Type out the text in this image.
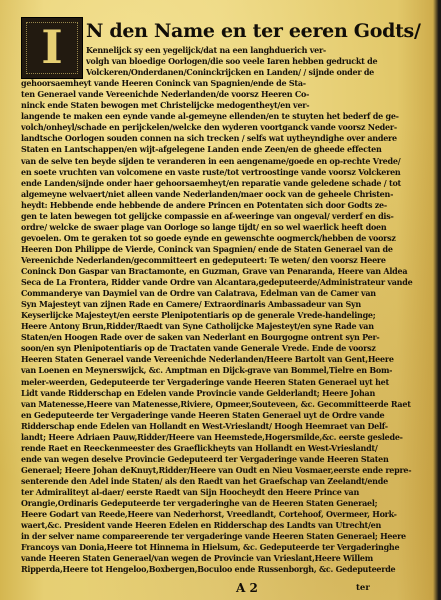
I	N den Name en ter eeren Godts/
Kennelijck sy een yegelijck/dat na een langhduerich ver-
volgh van bloedige Oorlogen/die soo veele Iaren hebben gedruckt de
Volckeren/Onderdanen/Coninckrijcken en Landen/ / sijnde onder de
gehoorsaemheyt vande Heeren Coninck van Spagnien/ende de Sta-
ten Generael vande Vereenichde Nederlanden/de voorsz Heeren Co-
ninck ende Staten bewogen met Christelijcke medogentheyt/en ver-
langende te maken een eynde vande al-gemeyne ellenden/en te stuyten het bederf de ge-
volch/onheyl/schade en perijckelen/welcke den wyderen voortganck vande voorsz Neder-
landtsche Oorlogen souden connen na sich trecken / selfs wat uytheyndighe over andere
Staten en Lantschappen/en wijt-afgelegene Landen ende Zeen/en de gheede effecten
van de selve ten beyde sijden te veranderen in een aengename/goede en op-rechte Vrede/
en soete vruchten van volcomene en vaste ruste/tot vertroostinge vande voorsz Volckeren
ende Landen/sijnde onder haer gehoorsaemheyt/en reparatie vande geledene schade / tot
algemeyne welvaert/niet alleen vande Nederlanden/maer oock van de geheele Christen-
heydt: Hebbende ende hebbende de andere Princen en Potentaten sich door Godts ze-
gen te laten bewegen tot gelijcke compassie en af-weeringe van ongeval/ verderf en dis-
ordre/ welcke de swaer plage van Oorloge so lange tijdt/ en so wel waerlick heeft doen
gevoelen. Om te geraken tot so goede eynde en gewenschte oogmerck/hebben de voorsz
Heeren Don Philippe de Vierde, Coninck van Spagnien/ ende de Staten Generael van de
Vereenichde Nederlanden/gecommitteert en gedeputeert: Te weten/ den voorsz Heere
Coninck Don Gaspar van Bractamonte, en Guzman, Grave van Penaranda, Heere van Aldea
Seca de La Frontera, Ridder vande Ordre van Alcantara,gedeputeerde/Administrateur vande
Commanderye van Daymiel van de Ordre van Calatrava, Edelman van de Camer van
Syn Majesteyt van zijnen Rade en Camere/ Extraordinaris Ambassadeur van Syn
Keyserlijcke Majesteyt/en eerste Plenipotentiaris op de generale Vrede-handelinge;
Heere Antony Brun,Ridder/Raedt van Syne Catholijcke Majesteyt/en syne Rade van
Staten/en Hoogen Rade over de saken van Nederlant en Bourgogne ontrent syn Per-
soon/en syn Plenipotentiaris op de Tractaten vande Generale Vrede. Ende de voorsz
Heeren Staten Generael vande Vereenichde Nederlanden/Heere Bartolt van Gent,Heere
van Loenen en Meynerswijck, &c. Amptman en Dijck-grave van Bommel,Tielre en Bom-
meler-weerden, Gedeputeerde ter Vergaderinge vande Heeren Staten Generael uyt het
Lidt vande Ridderschap en Edelen vande Provincie vande Gelderlandt; Heere Johan
van Matenesse,Heere van Matenesse,Riviere, Opmeer,Souteveen, &c. Gecommitteerde Raet
en Gedeputeerde ter Vergaderinge vande Heeren Staten Generael uyt de Ordre vande
Ridderschap ende Edelen van Hollandt en West-Vrieslandt/ Hoogh Heemraet van Delf-
landt; Heere Adriaen Pauw,Ridder/Heere van Heemstede,Hogersmilde,&c. eerste geslede-
rende Raet en Reeckenmeester des Graeflickheyts van Hollandt en West-Vrieslandt/
ende van wegen deselve Provincie Gedeputeerd ter Vergaderinge vande Heeren Staten
Generael; Heere Johan deKnuyt,Ridder/Heere van Oudt en Nieu Vosmaer,eerste ende repre-
senterende den Adel inde Staten/ als den Raedt van het Graefschap van Zeelandt/ende
ter Admiraliteyt al-daer/ eerste Raedt van Sijn Hoocheydt den Heere Prince van
Orangie,Ordinaris Gedeputeerde ter vergaderinghe van de Heeren Staten Generael;
Heere Godart van Reede,Heere van Nederhorst, Vreedlandt, Cortehoof, Overmeer, Hork-
waert,&c. President vande Heeren Edelen en Ridderschap des Landts van Utrecht/en
in der selver name compareerende ter vergaderinge vande Heeren Staten Generael; Heere
Francoys van Donia,Heere tot Hinnema in Hielsum, &c. Gedeputeerde ter Vergaderinghe
vande Heeren Staten Generael/van wegen de Provincie van Vrieslant,Heere Willem
Ripperda,Heere tot Hengeloo,Boxbergen,Boculoo ende Russenborgh, &c. Gedeputeerde
A 2	ter
